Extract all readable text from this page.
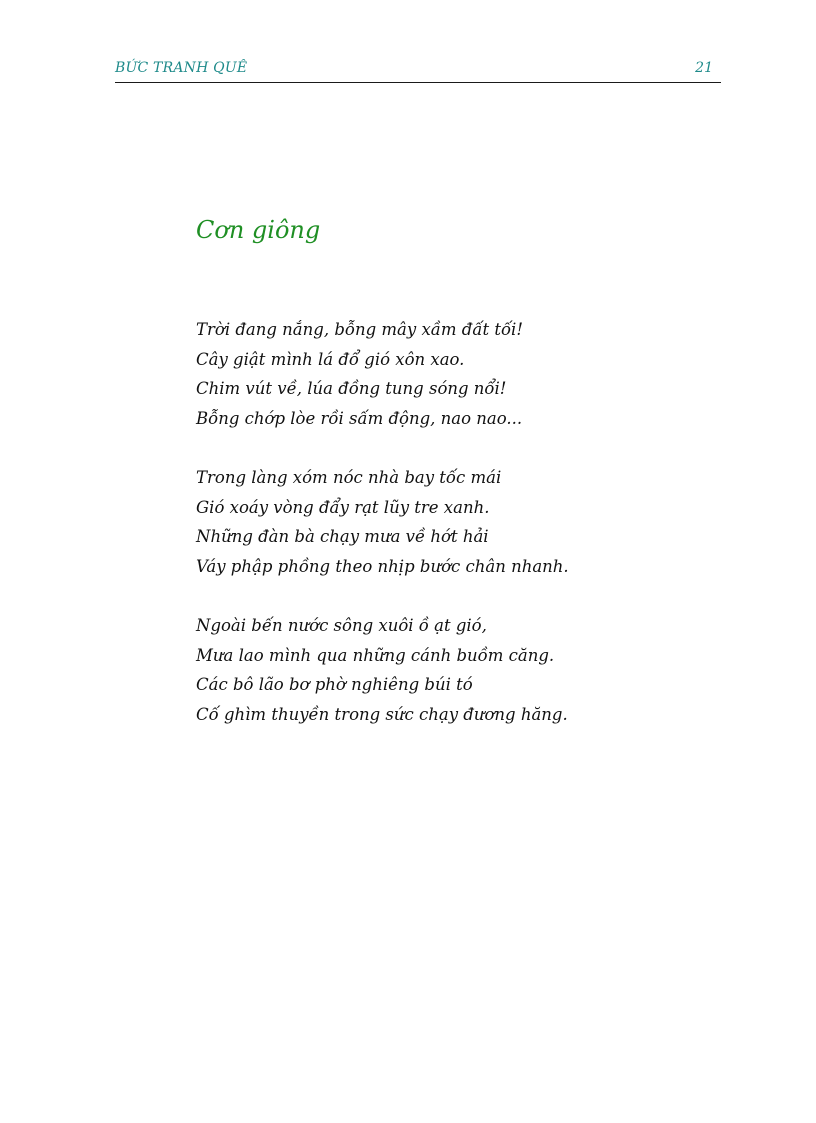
BỨC TRANH QUÊ	21
Cơn giông
Trời đang nắng, bỗng mây xầm đất tối!
Cây giật mình lá đổ gió xôn xao.
Chim vút về, lúa đồng tung sóng nổi!
Bỗng chớp lòe rồi sấm động, nao nao...
Trong làng xóm nóc nhà bay tốc mái
Gió xoáy vòng đẩy rạt lũy tre xanh.
Những đàn bà chạy mưa về hớt hải
Váy phập phồng theo nhịp bước chân nhanh.
Ngoài bến nước sông xuôi ồ ạt gió,
Mưa lao mình qua những cánh buồm căng.
Các bô lão bơ phờ nghiêng búi tó
Cố ghìm thuyền trong sức chạy đương hăng.
